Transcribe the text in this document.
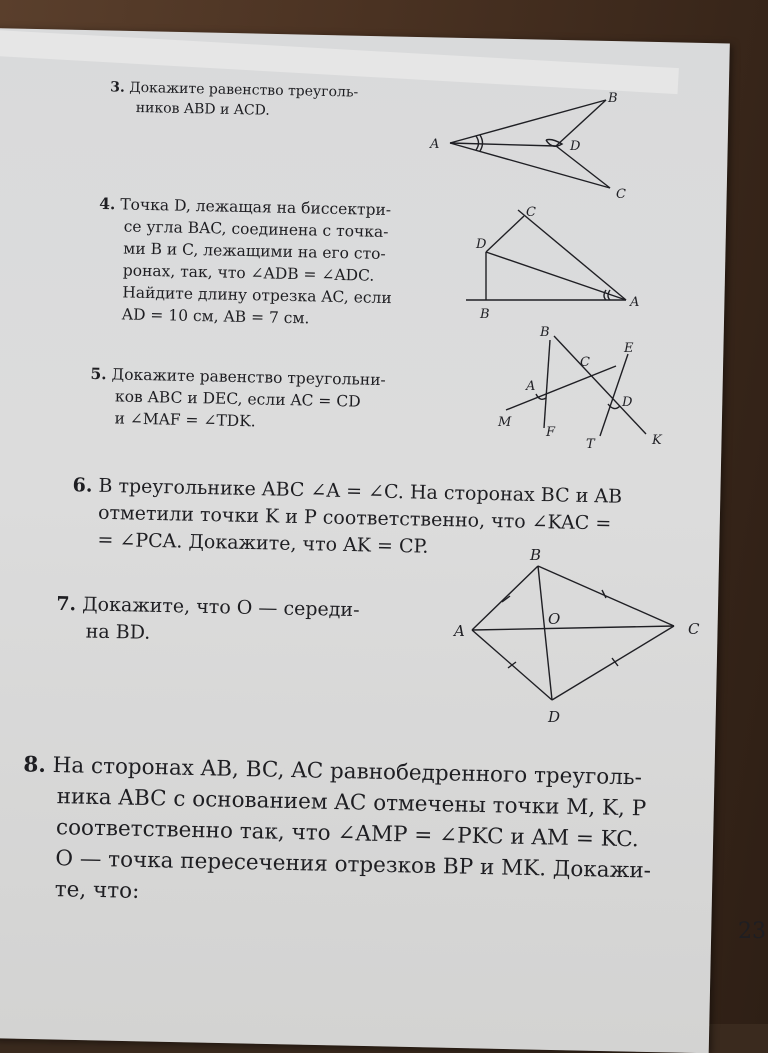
3. Докажите равенство треуголь-
ников ABD и ACD.
A
B
C
D
4. Точка D, лежащая на биссектри-
се угла BAC, соединена с точка-
ми B и C, лежащими на его сто-
ронах, так, что ∠ADB = ∠ADC.
Найдите длину отрезка AC, если
AD = 10 см, AB = 7 см.
C
D
A
B
5. Докажите равенство треугольни-
ков ABC и DEC, если AC = CD
и ∠MAF = ∠TDK.
B
C
E
A
D
M
F
T	K
6. В треугольнике ABC ∠A = ∠C. На сторонах BC и AB
отметили точки K и P соответственно, что ∠KAC =
= ∠PCA. Докажите, что AK = CP.
7. Докажите, что O — середи-
на BD.
B
A	C
D
O
8. На сторонах AB, BC, AC равнобедренного треуголь-
ника ABC с основанием AC отмечены точки M, K, P
соответственно так, что ∠AMP = ∠PKC и AM = KC.
O — точка пересечения отрезков BP и MK. Докажи-
те, что:
23
